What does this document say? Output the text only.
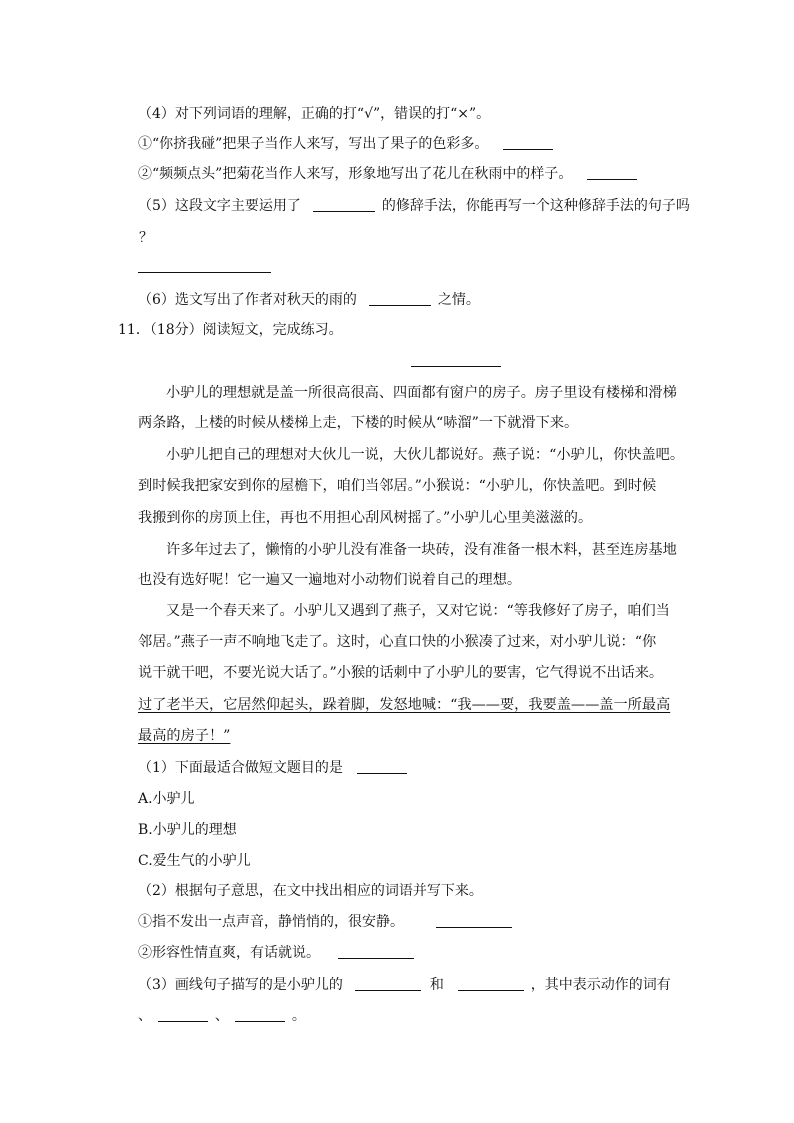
（4）对下列词语的理解，正确的打“√”，错误的打“×”。
①“你挤我碰”把果子当作人来写，写出了果子的色彩多。
②“频频点头”把菊花当作人来写，形象地写出了花儿在秋雨中的样子。
（5）这段文字主要运用了	的修辞手法，你能再写一个这种修辞手法的句子吗
？
（6）选文写出了作者对秋天的雨的	之情。
11．（18分）阅读短文，完成练习。
小驴儿的理想就是盖一所很高很高、四面都有窗户的房子。房子里设有楼梯和滑梯
两条路，上楼的时候从楼梯上走，下楼的时候从“哧溜”一下就滑下来。
小驴儿把自己的理想对大伙儿一说，大伙儿都说好。燕子说：“小驴儿，你快盖吧。
到时候我把家安到你的屋檐下，咱们当邻居。”小猴说：“小驴儿，你快盖吧。到时候
我搬到你的房顶上住，再也不用担心刮风树摇了。”小驴儿心里美滋滋的。
许多年过去了，懒惰的小驴儿没有准备一块砖，没有准备一根木料，甚至连房基地
也没有选好呢！它一遍又一遍地对小动物们说着自己的理想。
又是一个春天来了。小驴儿又遇到了燕子，又对它说：“等我修好了房子，咱们当
邻居。”燕子一声不响地飞走了。这时，心直口快的小猴凑了过来，对小驴儿说：“你
说干就干吧，不要光说大话了。”小猴的话刺中了小驴儿的要害，它气得说不出话来。
过了老半天，它居然仰起头，跺着脚，发怒地喊：“我——要，我要盖——盖一所最高
最高的房子！”
（1）下面最适合做短文题目的是
A.小驴儿
B.小驴儿的理想
C.爱生气的小驴儿
（2）根据句子意思，在文中找出相应的词语并写下来。
①指不发出一点声音，静悄悄的，很安静。
②形容性情直爽，有话就说。
（3）画线句子描写的是小驴儿的	和	，其中表示动作的词有
、	、	。
